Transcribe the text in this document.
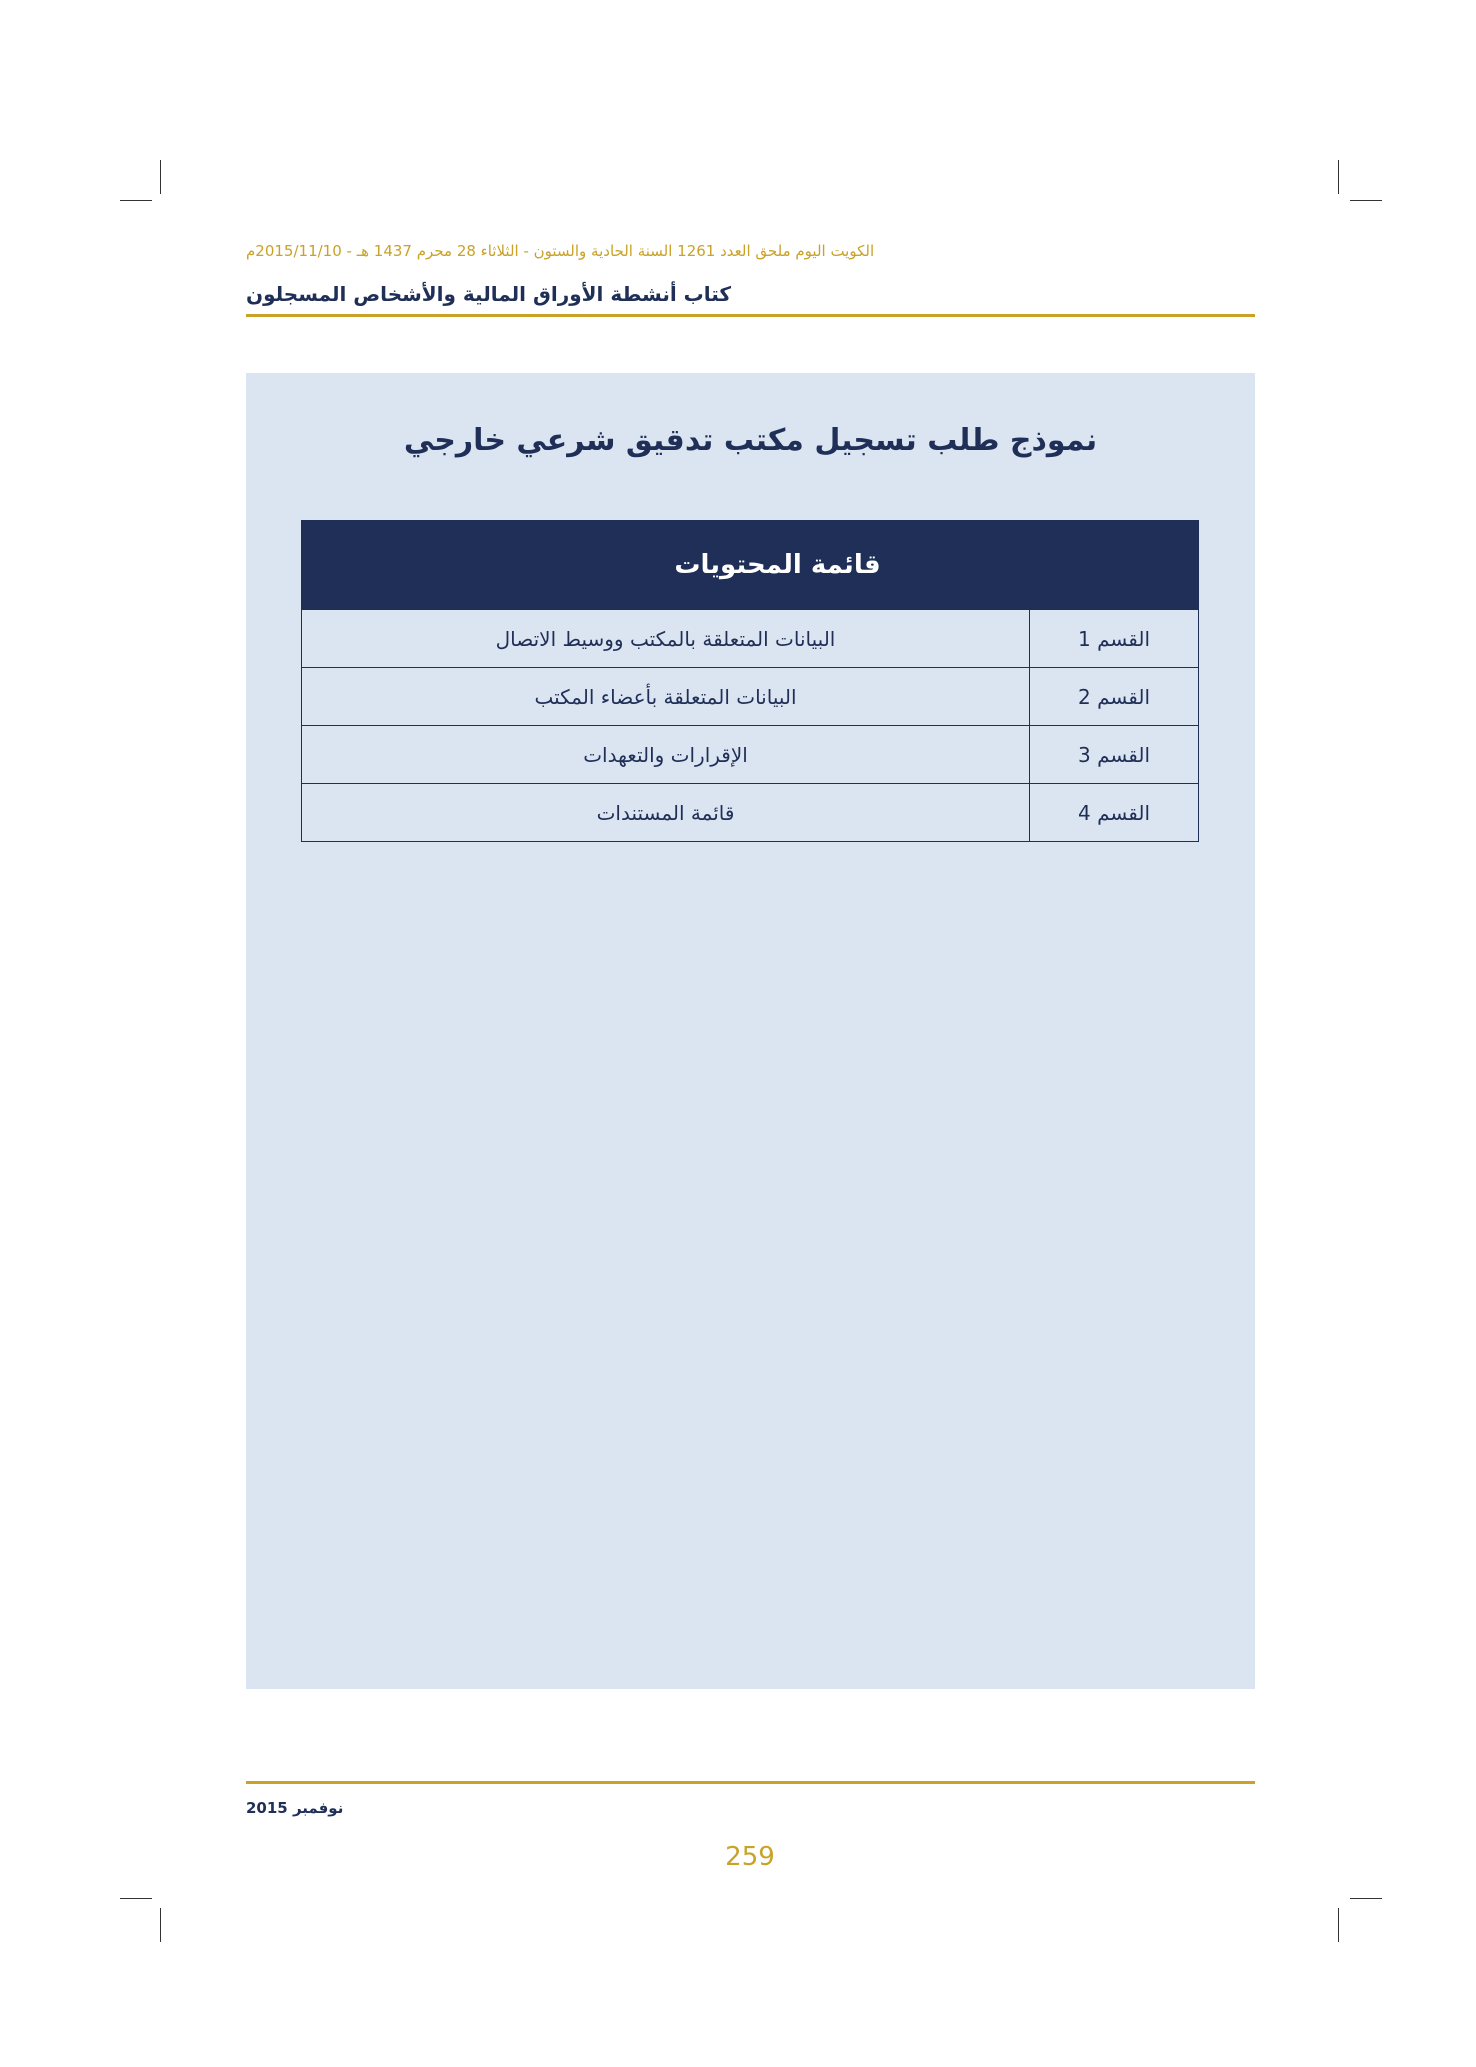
الكويت اليوم ملحق العدد 1261 السنة الحادية والستون - الثلاثاء 28 محرم 1437 هـ - 2015/11/10م
كتاب أنشطة الأوراق المالية والأشخاص المسجلون
نموذج طلب تسجيل مكتب تدقيق شرعي خارجي
قائمة المحتويات
القسم 1
البيانات المتعلقة بالمكتب ووسيط الاتصال
القسم 2
البيانات المتعلقة بأعضاء المكتب
القسم 3
الإقرارات والتعهدات
القسم 4
قائمة المستندات
نوفمبر 2015
259
